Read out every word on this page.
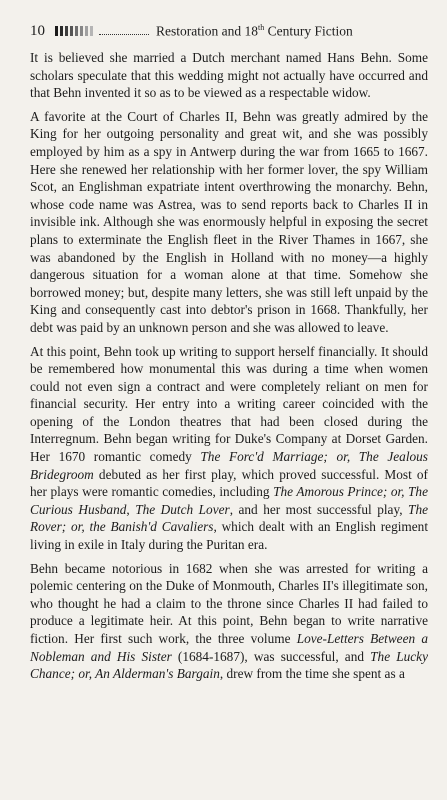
10	Restoration and 18th Century Fiction

It is believed she married a Dutch merchant named Hans Behn. Some scholars speculate that this wedding might not actually have occurred and that Behn invented it so as to be viewed as a respectable widow.

A favorite at the Court of Charles II, Behn was greatly admired by the King for her outgoing personality and great wit, and she was possibly employed by him as a spy in Antwerp during the war from 1665 to 1667. Here she renewed her relationship with her former lover, the spy William Scot, an Englishman expatriate intent overthrowing the monarchy. Behn, whose code name was Astrea, was to send reports back to Charles II in invisible ink. Although she was enormously helpful in exposing the secret plans to exterminate the English fleet in the River Thames in 1667, she was abandoned by the English in Holland with no money—a highly dangerous situation for a woman alone at that time. Somehow she borrowed money; but, despite many letters, she was still left unpaid by the King and consequently cast into debtor's prison in 1668. Thankfully, her debt was paid by an unknown person and she was allowed to leave.

At this point, Behn took up writing to support herself financially. It should be remembered how monumental this was during a time when women could not even sign a contract and were completely reliant on men for financial security. Her entry into a writing career coincided with the opening of the London theatres that had been closed during the Interregnum. Behn began writing for Duke's Company at Dorset Garden. Her 1670 romantic comedy The Forc'd Marriage; or, The Jealous Bridegroom debuted as her first play, which proved successful. Most of her plays were romantic comedies, including The Amorous Prince; or, The Curious Husband, The Dutch Lover, and her most successful play, The Rover; or, the Banish'd Cavaliers, which dealt with an English regiment living in exile in Italy during the Puritan era.

Behn became notorious in 1682 when she was arrested for writing a polemic centering on the Duke of Monmouth, Charles II's illegitimate son, who thought he had a claim to the throne since Charles II had failed to produce a legitimate heir. At this point, Behn began to write narrative fiction. Her first such work, the three volume Love-Letters Between a Nobleman and His Sister (1684-1687), was successful, and The Lucky Chance; or, An Alderman's Bargain, drew from the time she spent as a
